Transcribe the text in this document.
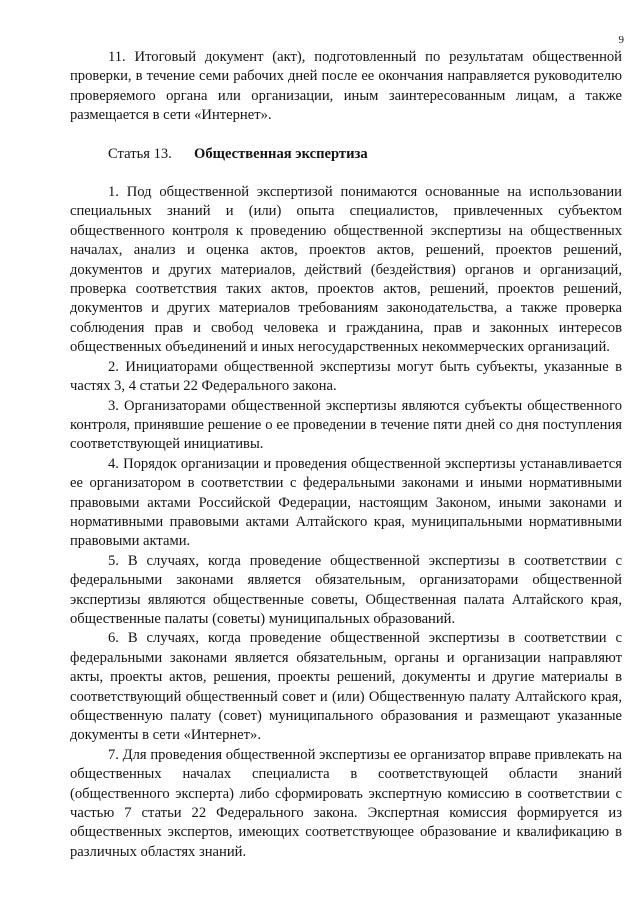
9

11. Итоговый документ (акт), подготовленный по результатам общественной проверки, в течение семи рабочих дней после ее окончания направляется руководителю проверяемого органа или организации, иным заинтересованным лицам, а также размещается в сети «Интернет».

Статья 13. Общественная экспертиза

1. Под общественной экспертизой понимаются основанные на использовании специальных знаний и (или) опыта специалистов, привлеченных субъектом общественного контроля к проведению общественной экспертизы на общественных началах, анализ и оценка актов, проектов актов, решений, проектов решений, документов и других материалов, действий (бездействия) органов и организаций, проверка соответствия таких актов, проектов актов, решений, проектов решений, документов и других материалов требованиям законодательства, а также проверка соблюдения прав и свобод человека и гражданина, прав и законных интересов общественных объединений и иных негосударственных некоммерческих организаций.

2. Инициаторами общественной экспертизы могут быть субъекты, указанные в частях 3, 4 статьи 22 Федерального закона.

3. Организаторами общественной экспертизы являются субъекты общественного контроля, принявшие решение о ее проведении в течение пяти дней со дня поступления соответствующей инициативы.

4. Порядок организации и проведения общественной экспертизы устанавливается ее организатором в соответствии с федеральными законами и иными нормативными правовыми актами Российской Федерации, настоящим Законом, иными законами и нормативными правовыми актами Алтайского края, муниципальными нормативными правовыми актами.

5. В случаях, когда проведение общественной экспертизы в соответствии с федеральными законами является обязательным, организаторами общественной экспертизы являются общественные советы, Общественная палата Алтайского края, общественные палаты (советы) муниципальных образований.

6. В случаях, когда проведение общественной экспертизы в соответствии с федеральными законами является обязательным, органы и организации направляют акты, проекты актов, решения, проекты решений, документы и другие материалы в соответствующий общественный совет и (или) Общественную палату Алтайского края, общественную палату (совет) муниципального образования и размещают указанные документы в сети «Интернет».

7. Для проведения общественной экспертизы ее организатор вправе привлекать на общественных началах специалиста в соответствующей области знаний (общественного эксперта) либо сформировать экспертную комиссию в соответствии с частью 7 статьи 22 Федерального закона. Экспертная комиссия формируется из общественных экспертов, имеющих соответствующее образование и квалификацию в различных областях знаний.
